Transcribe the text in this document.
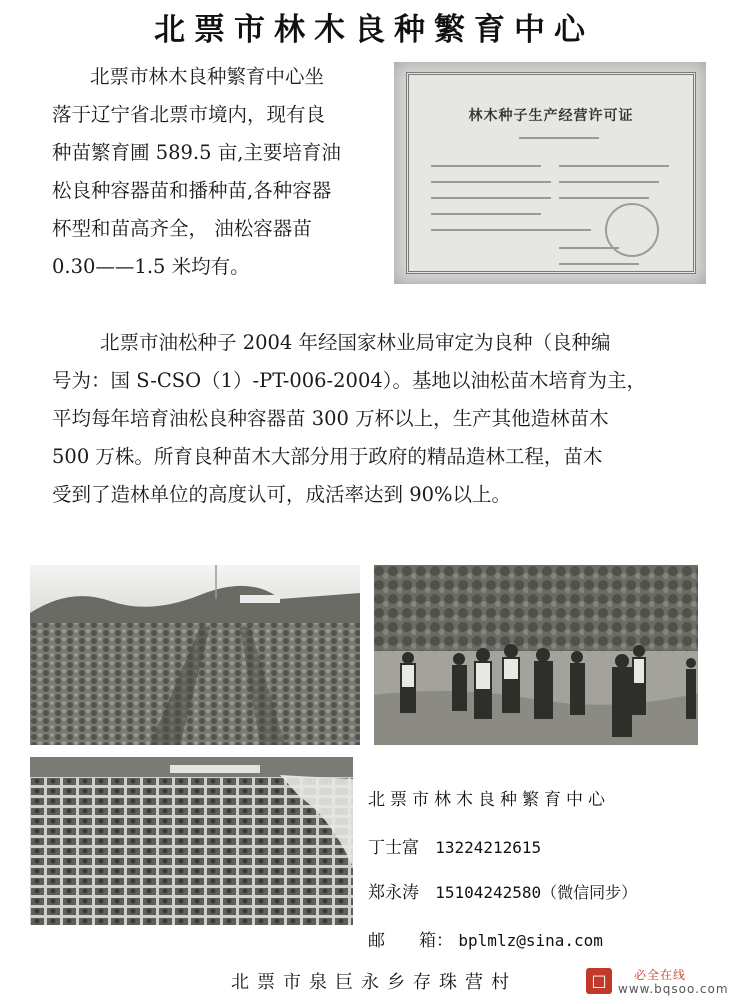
北票市林木良种繁育中心
北票市林木良种繁育中心坐
落于辽宁省北票市境内，现有良
种苗繁育圃 589.5 亩,主要培育油
松良种容器苗和播种苗,各种容器
杯型和苗高齐全， 油松容器苗
0.30——1.5 米均有。
林木种子生产经营许可证
北票市油松种子 2004 年经国家林业局审定为良种（良种编
号为：国 S-CSO（1）-PT-006-2004）。基地以油松苗木培育为主，
平均每年培育油松良种容器苗 300 万杯以上，生产其他造林苗木
500 万株。所育良种苗木大部分用于政府的精品造林工程，苗木
受到了造林单位的高度认可，成活率达到 90%以上。
北票市林木良种繁育中心
丁士富 13224212615
郑永涛 15104242580（微信同步）
邮　　箱： bplmlz@sina.com
北票市泉巨永乡存珠营村	□	必全在线
www.bqsoo.com
